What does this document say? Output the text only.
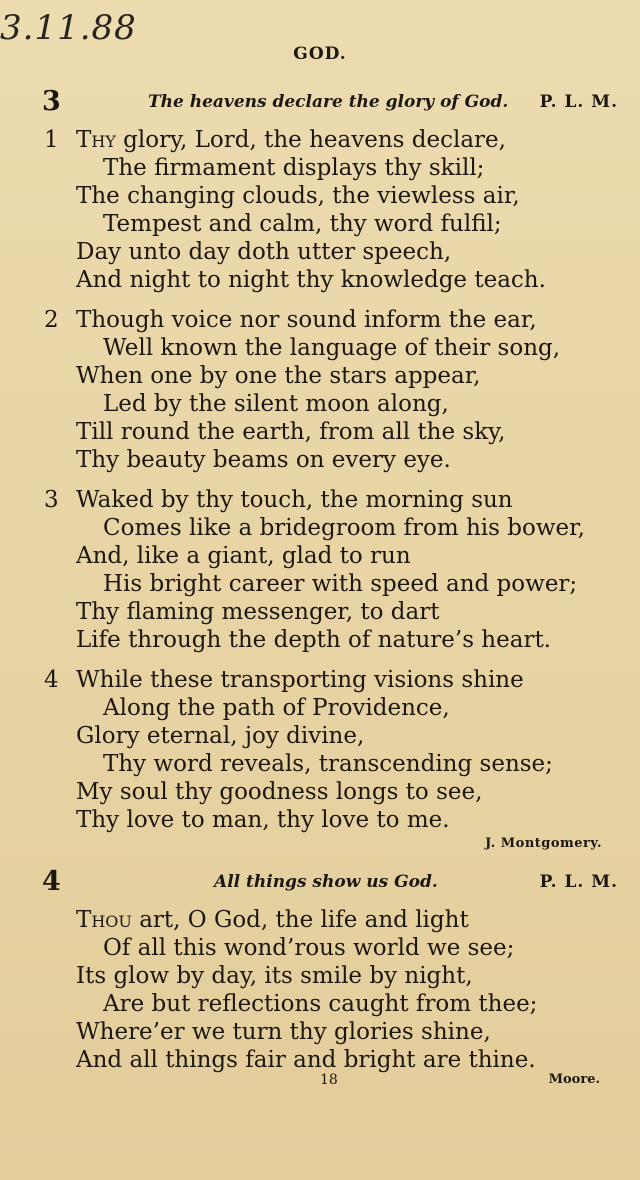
3.11.88
GOD.
3	The heavens declare the glory of God. P. L. M.
1 Thy glory, Lord, the heavens declare,
The firmament displays thy skill;
The changing clouds, the viewless air,
Tempest and calm, thy word fulfil;
Day unto day doth utter speech,
And night to night thy knowledge teach.
2 Though voice nor sound inform the ear,
Well known the language of their song,
When one by one the stars appear,
Led by the silent moon along,
Till round the earth, from all the sky,
Thy beauty beams on every eye.
3 Waked by thy touch, the morning sun
Comes like a bridegroom from his bower,
And, like a giant, glad to run
His bright career with speed and power;
Thy flaming messenger, to dart
Life through the depth of nature’s heart.
4 While these transporting visions shine
Along the path of Providence,
Glory eternal, joy divine,
Thy word reveals, transcending sense;
My soul thy goodness longs to see,
Thy love to man, thy love to me.
J. Montgomery.
4	All things show us God.	P. L. M.
Thou art, O God, the life and light
Of all this wond’rous world we see;
Its glow by day, its smile by night,
Are but reflections caught from thee;
Where’er we turn thy glories shine,
And all things fair and bright are thine.
18	Moore.
